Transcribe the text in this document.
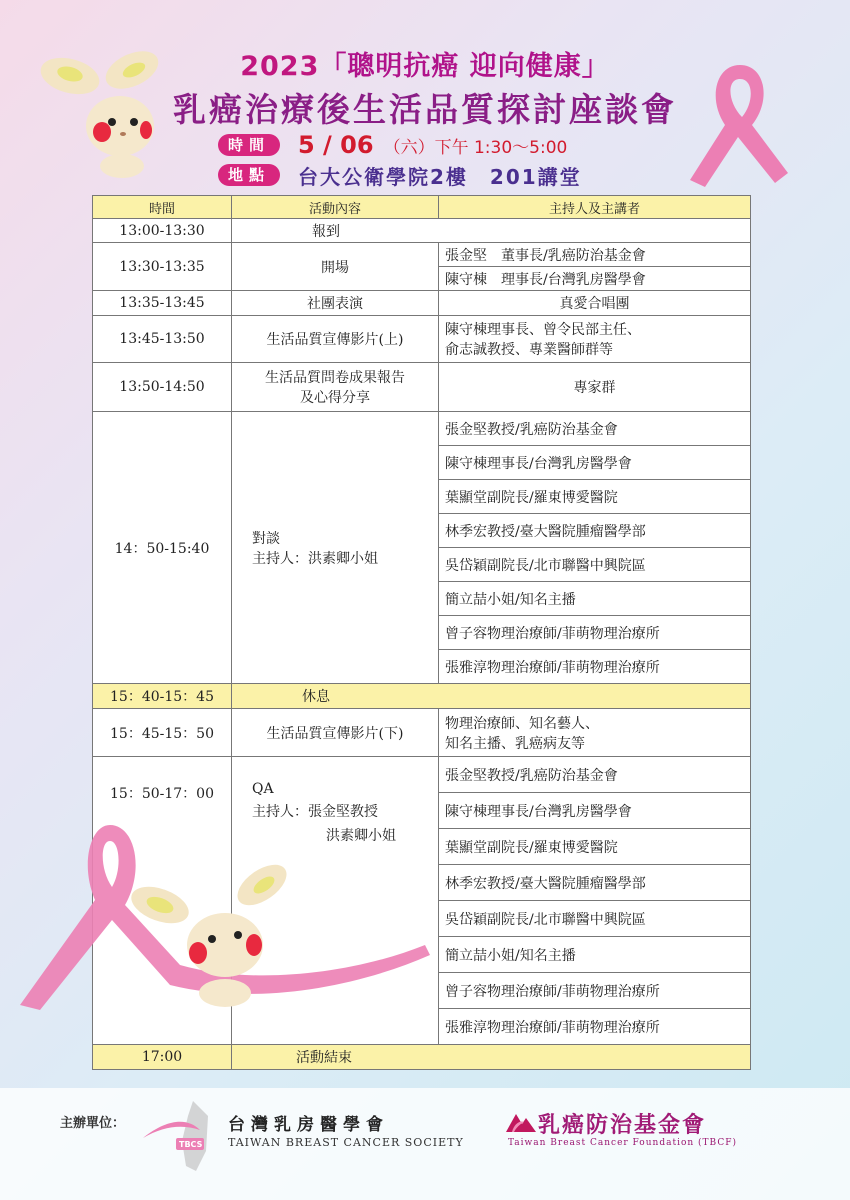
2023「聰明抗癌 迎向健康」
乳癌治療後生活品質探討座談會
時間	5 / 06 （六）下午 1:30～5:00
地點	台大公衛學院2樓　201講堂
時間	活動內容	主持人及主講者
13:00-13:30	報到	
13:30-13:35	開場	張金堅　董事長/乳癌防治基金會
		陳守棟　理事長/台灣乳房醫學會
13:35-13:45	社團表演	真愛合唱團
13:45-13:50	生活品質宣傳影片(上)	陳守棟理事長、曾令民部主任、
俞志誠教授、專業醫師群等

13:50-14:50	生活品質問卷成果報告
及心得分享	專家群
14：50-15:40	對談
主持人：洪素卿小姐	張金堅教授/乳癌防治基金會
		陳守棟理事長/台灣乳房醫學會
		葉顯堂副院長/羅東博愛醫院
		林季宏教授/臺大醫院腫瘤醫學部
		吳岱穎副院長/北市聯醫中興院區
		簡立喆小姐/知名主播
		曾子容物理治療師/菲萌物理治療所
		張雅淳物理治療師/菲萌物理治療所
15：40-15：45	休息	
15：45-15：50	生活品質宣傳影片(下)	物理治療師、知名藝人、
知名主播、乳癌病友等

15：50-17：00	QA
主持人：張金堅教授
洪素卿小姐	張金堅教授/乳癌防治基金會
		陳守棟理事長/台灣乳房醫學會
		葉顯堂副院長/羅東博愛醫院
		林季宏教授/臺大醫院腫瘤醫學部
		吳岱穎副院長/北市聯醫中興院區
		簡立喆小姐/知名主播
		曾子容物理治療師/菲萌物理治療所
		張雅淳物理治療師/菲萌物理治療所
17:00	活動結束	
主辦單位：
TBCS
台灣乳房醫學會
TAIWAN BREAST CANCER SOCIETY
乳癌防治基金會
Taiwan Breast Cancer Foundation (TBCF)
